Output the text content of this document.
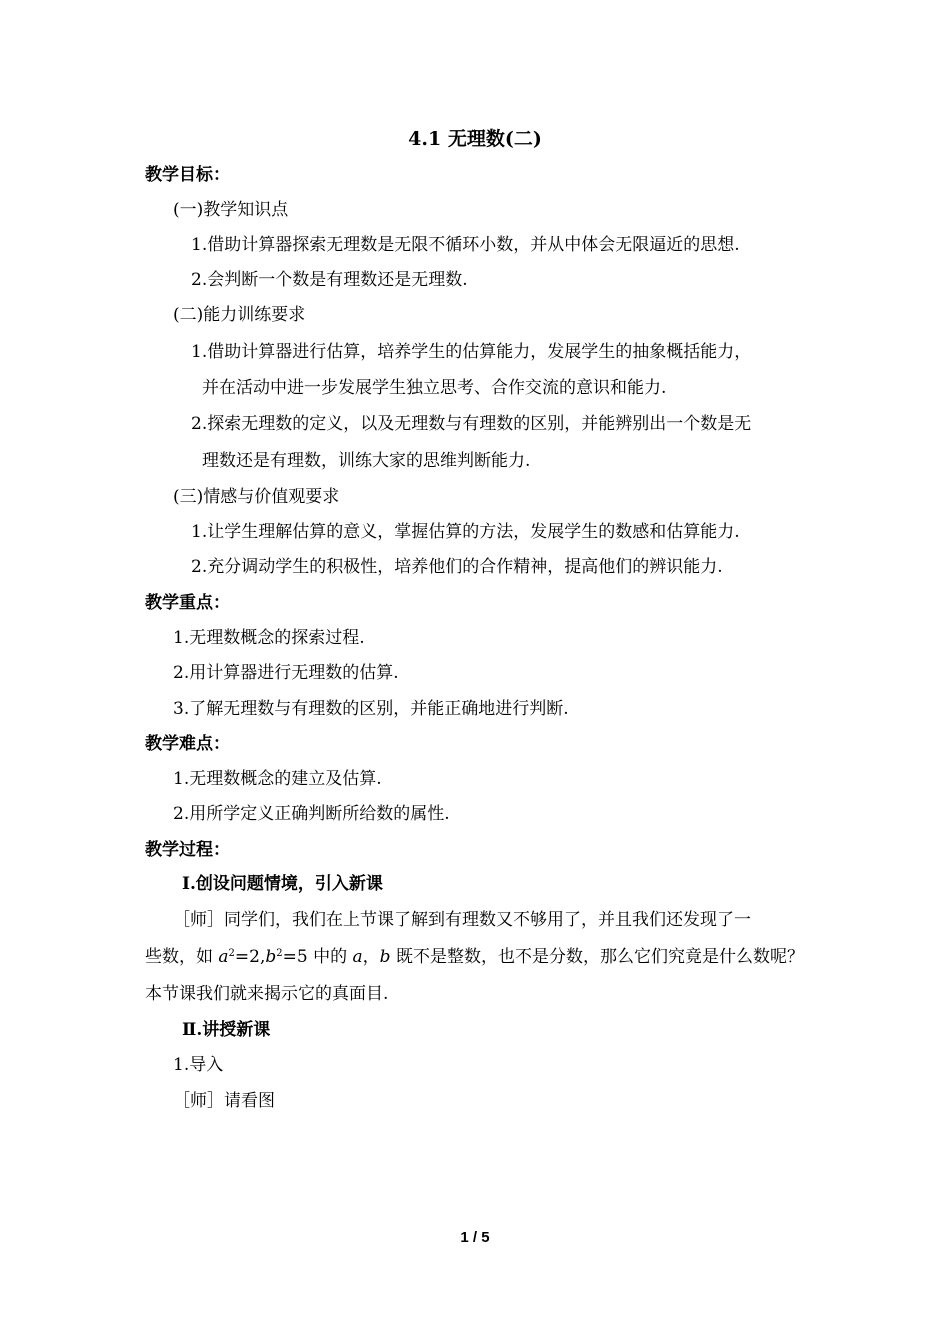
4.1 无理数(二)
教学目标：
(一)教学知识点
1.借助计算器探索无理数是无限不循环小数，并从中体会无限逼近的思想.
2.会判断一个数是有理数还是无理数.
(二)能力训练要求
1.借助计算器进行估算，培养学生的估算能力，发展学生的抽象概括能力，
并在活动中进一步发展学生独立思考、合作交流的意识和能力.
2.探索无理数的定义，以及无理数与有理数的区别，并能辨别出一个数是无
理数还是有理数，训练大家的思维判断能力.
(三)情感与价值观要求
1.让学生理解估算的意义，掌握估算的方法，发展学生的数感和估算能力.
2.充分调动学生的积极性，培养他们的合作精神，提高他们的辨识能力.
教学重点：
1.无理数概念的探索过程.
2.用计算器进行无理数的估算.
3.了解无理数与有理数的区别，并能正确地进行判断.
教学难点：
1.无理数概念的建立及估算.
2.用所学定义正确判断所给数的属性.
教学过程：
Ⅰ.创设问题情境，引入新课
［师］同学们，我们在上节课了解到有理数又不够用了，并且我们还发现了一
些数，如 $a^2=2,b^2=5$ 中的 a，b 既不是整数，也不是分数，那么它们究竟是什么数呢？
本节课我们就来揭示它的真面目.
Ⅱ.讲授新课
1.导入
［师］请看图
1 / 5
